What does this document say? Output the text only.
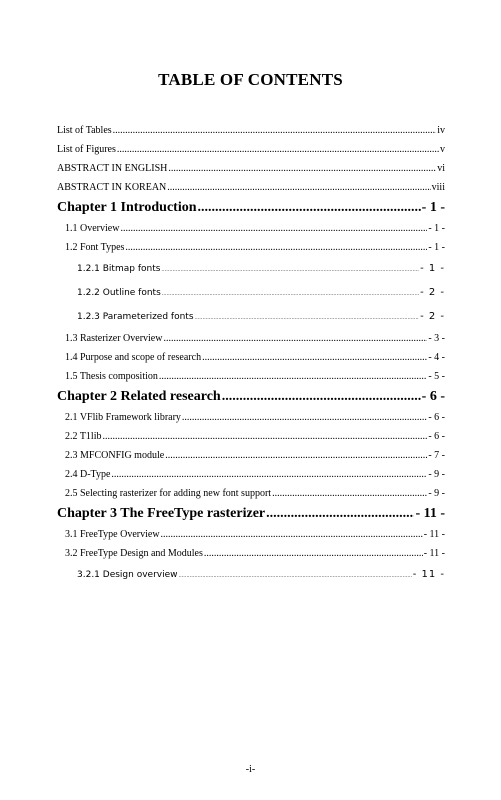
TABLE OF CONTENTS
List of Tables .....	iv
List of Figures .....	v
ABSTRACT IN ENGLISH .....	vi
ABSTRACT IN KOREAN .....	viii
Chapter 1 Introduction .....	- 1 -
1.1 Overview .....	- 1 -
1.2 Font Types .....	- 1 -
1.2.1 Bitmap fonts .....	- 1 -
1.2.2 Outline fonts .....	- 2 -
1.2.3 Parameterized fonts .....	- 2 -
1.3 Rasterizer Overview .....	- 3 -
1.4 Purpose and scope of research .....	- 4 -
1.5 Thesis composition .....	- 5 -
Chapter 2 Related research .....	- 6 -
2.1 VFlib Framework library .....	- 6 -
2.2 T1lib .....	- 6 -
2.3 MFCONFIG module .....	- 7 -
2.4 D-Type .....	- 9 -
2.5 Selecting rasterizer for adding new font support .....	- 9 -
Chapter 3 The FreeType rasterizer .....	- 11 -
3.1 FreeType Overview .....	- 11 -
3.2 FreeType Design and Modules .....	- 11 -
3.2.1 Design overview .....	- 11 -
-i-
